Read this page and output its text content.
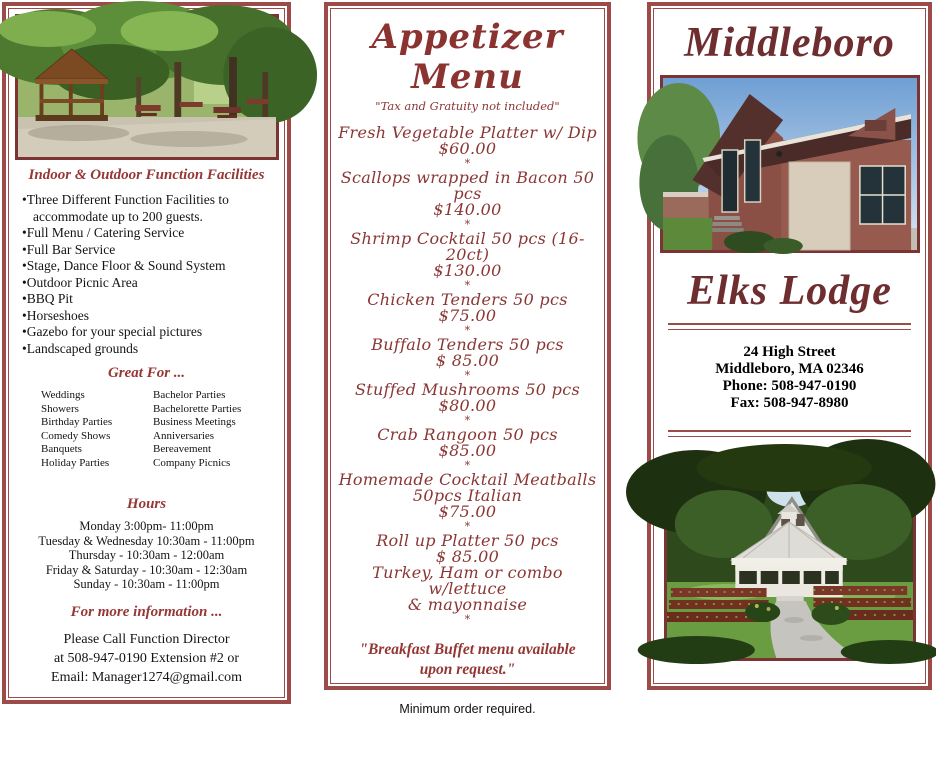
Indoor & Outdoor Function Facilities
• Three Different Function Facilities to accommodate up to 200 guests.
• Full Menu / Catering Service
• Full Bar Service
• Stage, Dance Floor & Sound System
• Outdoor Picnic Area
• BBQ Pit
• Horseshoes
• Gazebo for your special pictures
• Landscaped grounds
Great For ...
Weddings
Showers
Birthday Parties
Comedy Shows
Banquets
Holiday Parties
Bachelor Parties
Bachelorette Parties
Business Meetings
Anniversaries
Bereavement
Company Picnics
Hours
Monday 3:00pm- 11:00pm
Tuesday & Wednesday 10:30am - 11:00pm
Thursday - 10:30am - 12:00am
Friday & Saturday - 10:30am - 12:30am
Sunday - 10:30am - 11:00pm
For more information ...
Please Call Function Director
at 508-947-0190 Extension #2 or
Email: Manager1274@gmail.com
Appetizer Menu
"Tax and Gratuity not included"
Fresh Vegetable Platter w/ Dip
$60.00
*
Scallops wrapped in Bacon 50 pcs
$140.00
*
Shrimp Cocktail 50 pcs (16-20ct)
$130.00
*
Chicken Tenders 50 pcs
$75.00
*
Buffalo Tenders 50 pcs
$ 85.00
*
Stuffed Mushrooms 50 pcs
$80.00
*
Crab Rangoon 50 pcs
$85.00
*
Homemade Cocktail Meatballs
50pcs Italian
$75.00
*
Roll up Platter 50 pcs
$ 85.00
Turkey, Ham or combo w/lettuce
& mayonnaise
*
"Breakfast Buffet menu available
upon request."
Minimum order required.
Middleboro
Elks Lodge
24 High Street
Middleboro, MA 02346
Phone: 508-947-0190
Fax: 508-947-8980
